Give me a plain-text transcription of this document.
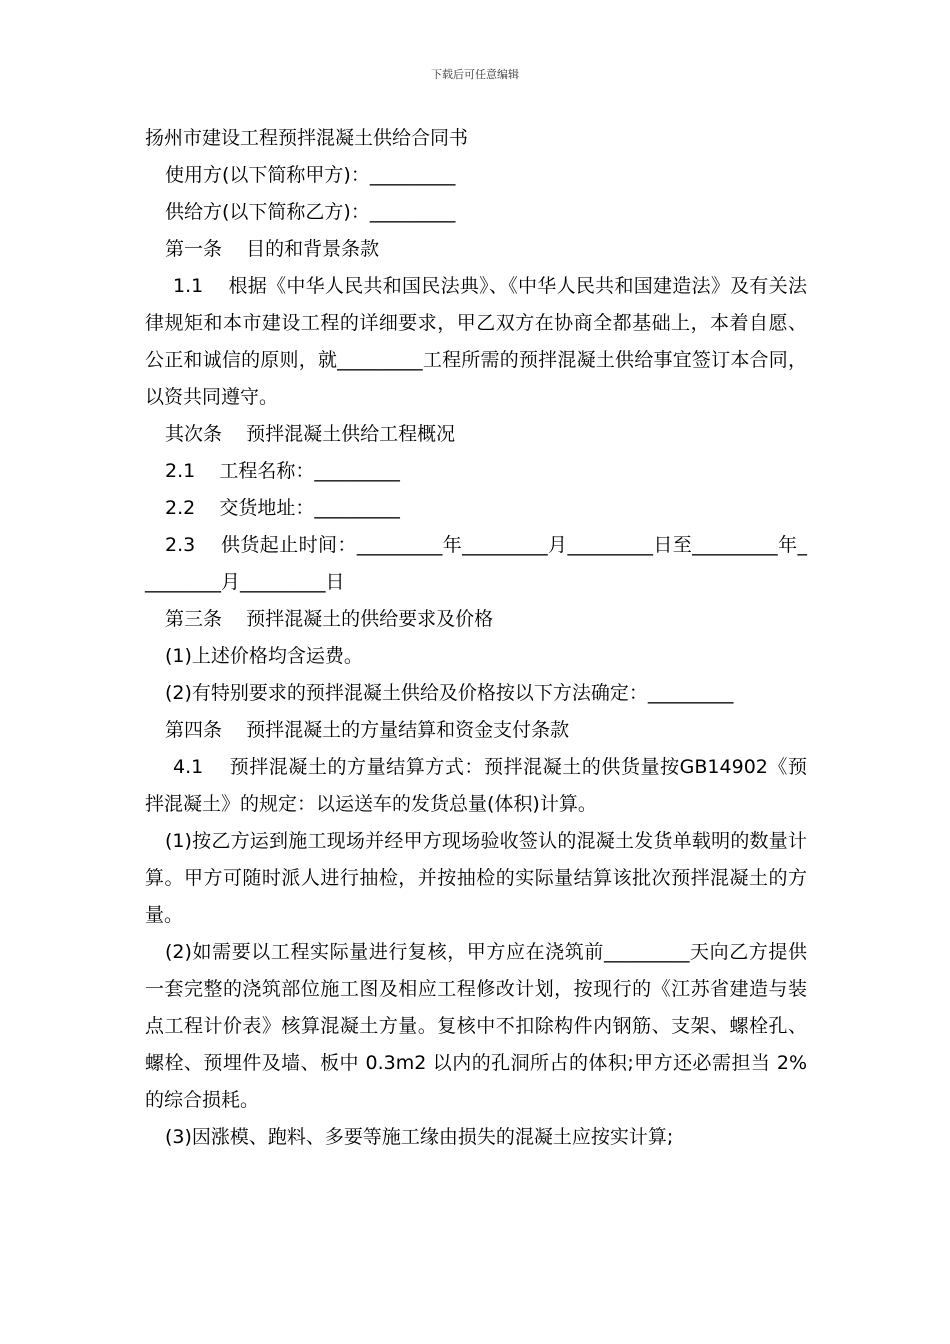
下载后可任意编辑

扬州市建设工程预拌混凝土供给合同书

使用方(以下简称甲方)：_________

供给方(以下简称乙方)：_________

第一条    目的和背景条款

1.1    根据《中华人民共和国民法典》、《中华人民共和国建造法》及有关法律规矩和本市建设工程的详细要求，甲乙双方在协商全都基础上，本着自愿、公正和诚信的原则，就_________工程所需的预拌混凝土供给事宜签订本合同，以资共同遵守。

其次条    预拌混凝土供给工程概况

2.1    工程名称：_________

2.2    交货地址：_________

2.3    供货起止时间：_________年_________月_________日至_________年_________月_________日

第三条    预拌混凝土的供给要求及价格

(1)上述价格均含运费。

(2)有特别要求的预拌混凝土供给及价格按以下方法确定：_________

第四条    预拌混凝土的方量结算和资金支付条款

4.1    预拌混凝土的方量结算方式：预拌混凝土的供货量按GB14902《预拌混凝土》的规定：以运送车的发货总量(体积)计算。

(1)按乙方运到施工现场并经甲方现场验收签认的混凝土发货单载明的数量计算。甲方可随时派人进行抽检，并按抽检的实际量结算该批次预拌混凝土的方量。

(2)如需要以工程实际量进行复核，甲方应在浇筑前_________天向乙方提供一套完整的浇筑部位施工图及相应工程修改计划，按现行的《江苏省建造与装点工程计价表》核算混凝土方量。复核中不扣除构件内钢筋、支架、螺栓孔、螺栓、预埋件及墙、板中 0.3m2 以内的孔洞所占的体积;甲方还必需担当 2%的综合损耗。

(3)因涨模、跑料、多要等施工缘由损失的混凝土应按实计算;
